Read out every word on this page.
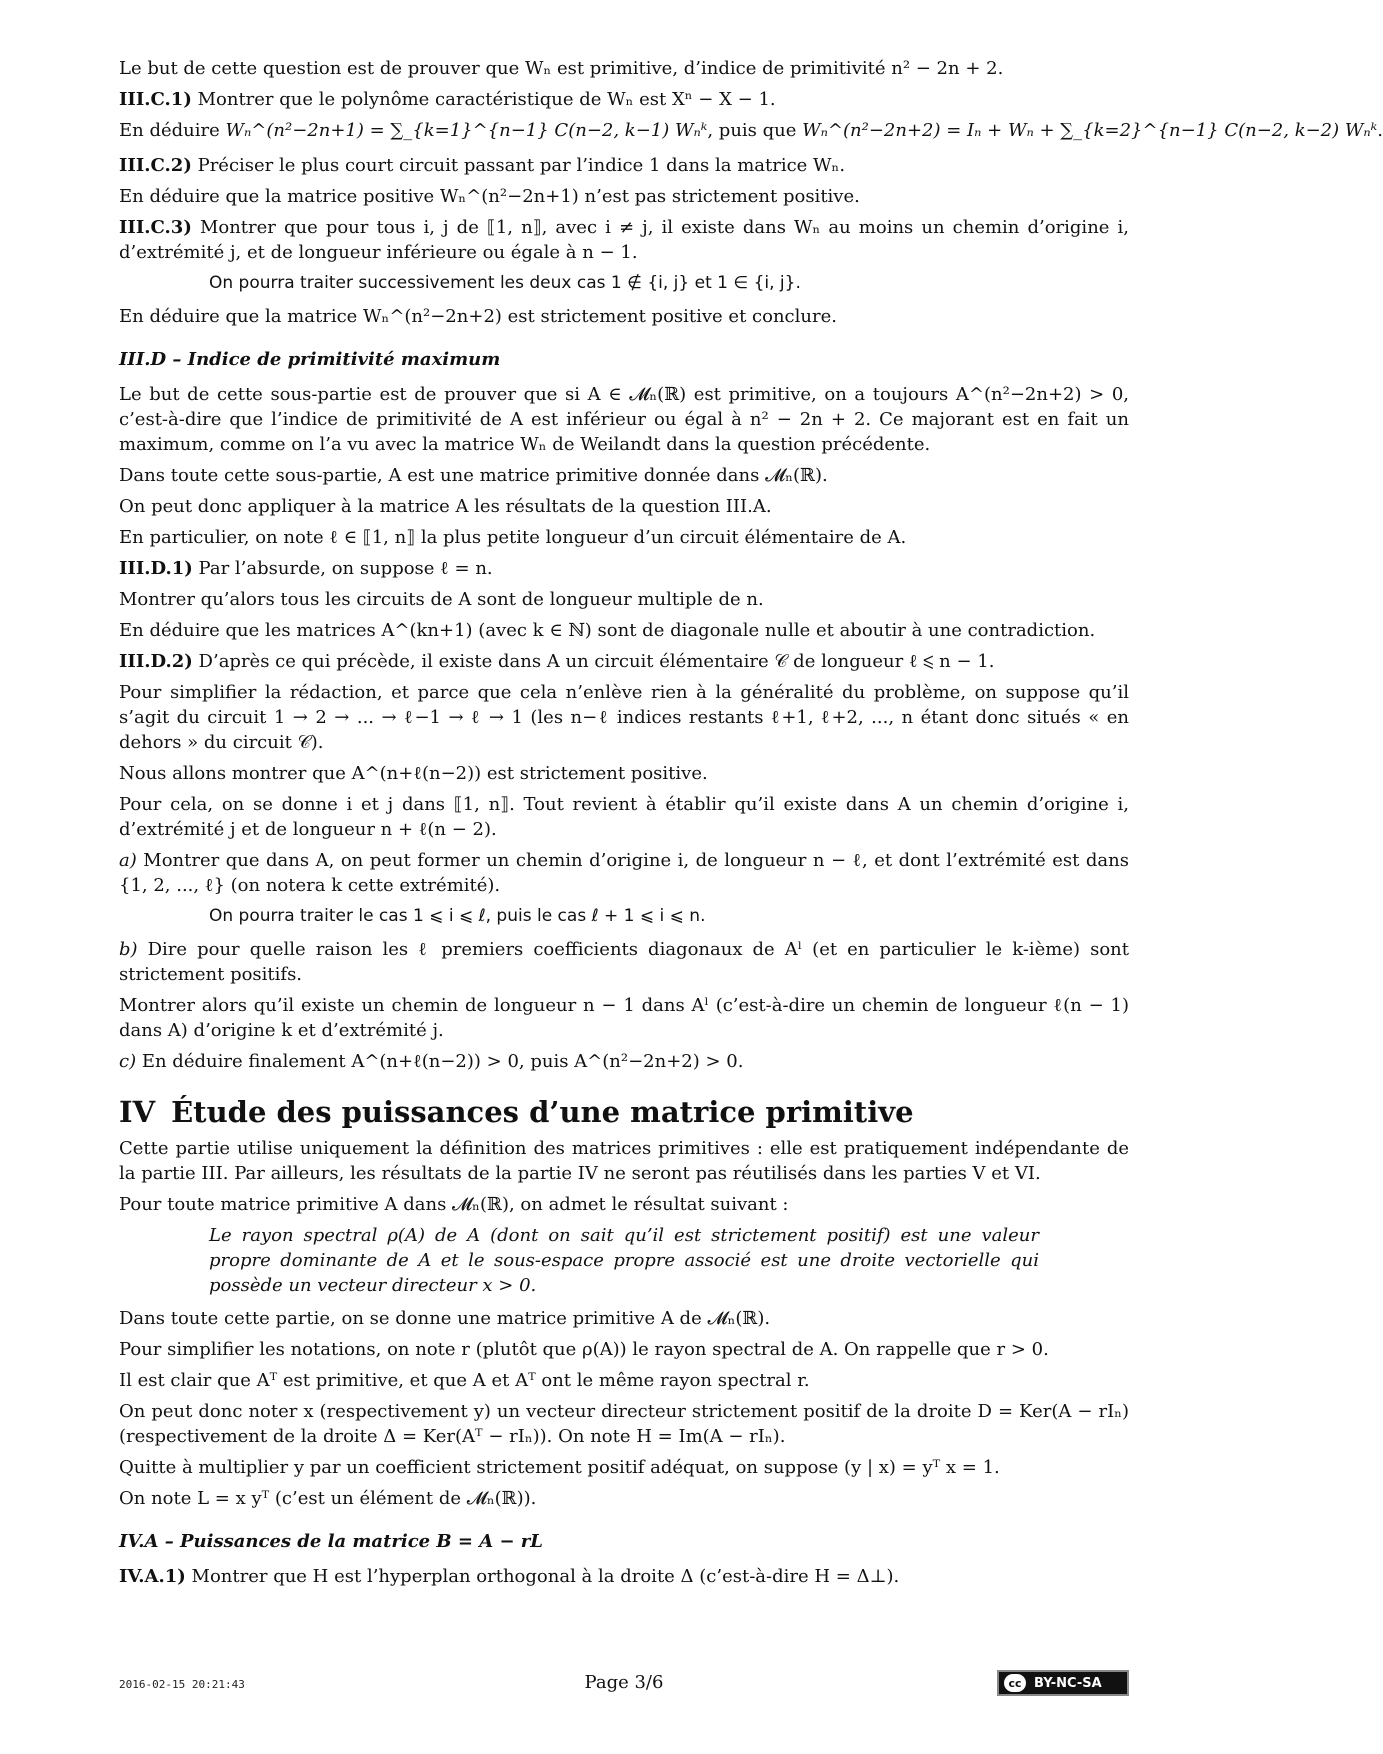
Le but de cette question est de prouver que Wₙ est primitive, d’indice de primitivité n² − 2n + 2.

III.C.1) Montrer que le polynôme caractéristique de Wₙ est Xⁿ − X − 1.

En déduire Wₙ^(n²−2n+1) = ∑_{k=1}^{n−1} C(n−2, k−1) Wₙᵏ , puis que Wₙ^(n²−2n+2) = Iₙ + Wₙ + ∑_{k=2}^{n−1} C(n−2, k−2) Wₙᵏ .

III.C.2) Préciser le plus court circuit passant par l’indice 1 dans la matrice Wₙ.

En déduire que la matrice positive Wₙ^(n²−2n+1) n’est pas strictement positive.

III.C.3) Montrer que pour tous i, j de ⟦1, n⟧, avec i ≠ j, il existe dans Wₙ au moins un chemin d’origine i, d’extrémité j, et de longueur inférieure ou égale à n − 1.

On pourra traiter successivement les deux cas 1 ∉ {i, j} et 1 ∈ {i, j}.

En déduire que la matrice Wₙ^(n²−2n+2) est strictement positive et conclure.

III.D – Indice de primitivité maximum

Le but de cette sous-partie est de prouver que si A ∈ 𝓜ₙ(ℝ) est primitive, on a toujours A^(n²−2n+2) > 0, c’est-à-dire que l’indice de primitivité de A est inférieur ou égal à n² − 2n + 2. Ce majorant est en fait un maximum, comme on l’a vu avec la matrice Wₙ de Weilandt dans la question précédente.

Dans toute cette sous-partie, A est une matrice primitive donnée dans 𝓜ₙ(ℝ).

On peut donc appliquer à la matrice A les résultats de la question III.A.

En particulier, on note ℓ ∈ ⟦1, n⟧ la plus petite longueur d’un circuit élémentaire de A.

III.D.1) Par l’absurde, on suppose ℓ = n.

Montrer qu’alors tous les circuits de A sont de longueur multiple de n.

En déduire que les matrices A^(kn+1) (avec k ∈ ℕ) sont de diagonale nulle et aboutir à une contradiction.

III.D.2) D’après ce qui précède, il existe dans A un circuit élémentaire 𝒞 de longueur ℓ ⩽ n − 1.

Pour simplifier la rédaction, et parce que cela n’enlève rien à la généralité du problème, on suppose qu’il s’agit du circuit 1 → 2 → ... → ℓ−1 → ℓ → 1 (les n−ℓ indices restants ℓ+1, ℓ+2, ..., n étant donc situés « en dehors » du circuit 𝒞).

Nous allons montrer que A^(n+ℓ(n−2)) est strictement positive.

Pour cela, on se donne i et j dans ⟦1, n⟧. Tout revient à établir qu’il existe dans A un chemin d’origine i, d’extrémité j et de longueur n + ℓ(n − 2).

a) Montrer que dans A, on peut former un chemin d’origine i, de longueur n − ℓ, et dont l’extrémité est dans {1, 2, ..., ℓ} (on notera k cette extrémité).

On pourra traiter le cas 1 ⩽ i ⩽ ℓ, puis le cas ℓ + 1 ⩽ i ⩽ n.

b) Dire pour quelle raison les ℓ premiers coefficients diagonaux de Aˡ (et en particulier le k-ième) sont strictement positifs.

Montrer alors qu’il existe un chemin de longueur n − 1 dans Aˡ (c’est-à-dire un chemin de longueur ℓ(n − 1) dans A) d’origine k et d’extrémité j.

c) En déduire finalement A^(n+ℓ(n−2)) > 0, puis A^(n²−2n+2) > 0.

IV Étude des puissances d’une matrice primitive

Cette partie utilise uniquement la définition des matrices primitives : elle est pratiquement indépendante de la partie III. Par ailleurs, les résultats de la partie IV ne seront pas réutilisés dans les parties V et VI.

Pour toute matrice primitive A dans 𝓜ₙ(ℝ), on admet le résultat suivant :

Le rayon spectral ρ(A) de A (dont on sait qu’il est strictement positif) est une valeur propre dominante de A et le sous-espace propre associé est une droite vectorielle qui possède un vecteur directeur x > 0.

Dans toute cette partie, on se donne une matrice primitive A de 𝓜ₙ(ℝ).

Pour simplifier les notations, on note r (plutôt que ρ(A)) le rayon spectral de A. On rappelle que r > 0.

Il est clair que Aᵀ est primitive, et que A et Aᵀ ont le même rayon spectral r.

On peut donc noter x (respectivement y) un vecteur directeur strictement positif de la droite D = Ker(A − rIₙ) (respectivement de la droite Δ = Ker(Aᵀ − rIₙ)). On note H = Im(A − rIₙ).

Quitte à multiplier y par un coefficient strictement positif adéquat, on suppose (y | x) = yᵀ x = 1.

On note L = x yᵀ (c’est un élément de 𝓜ₙ(ℝ)).

IV.A – Puissances de la matrice B = A − rL

IV.A.1) Montrer que H est l’hyperplan orthogonal à la droite Δ (c’est-à-dire H = Δ⊥).

2016-02-15 20:21:43	Page 3/6	cc BY-NC-SA
